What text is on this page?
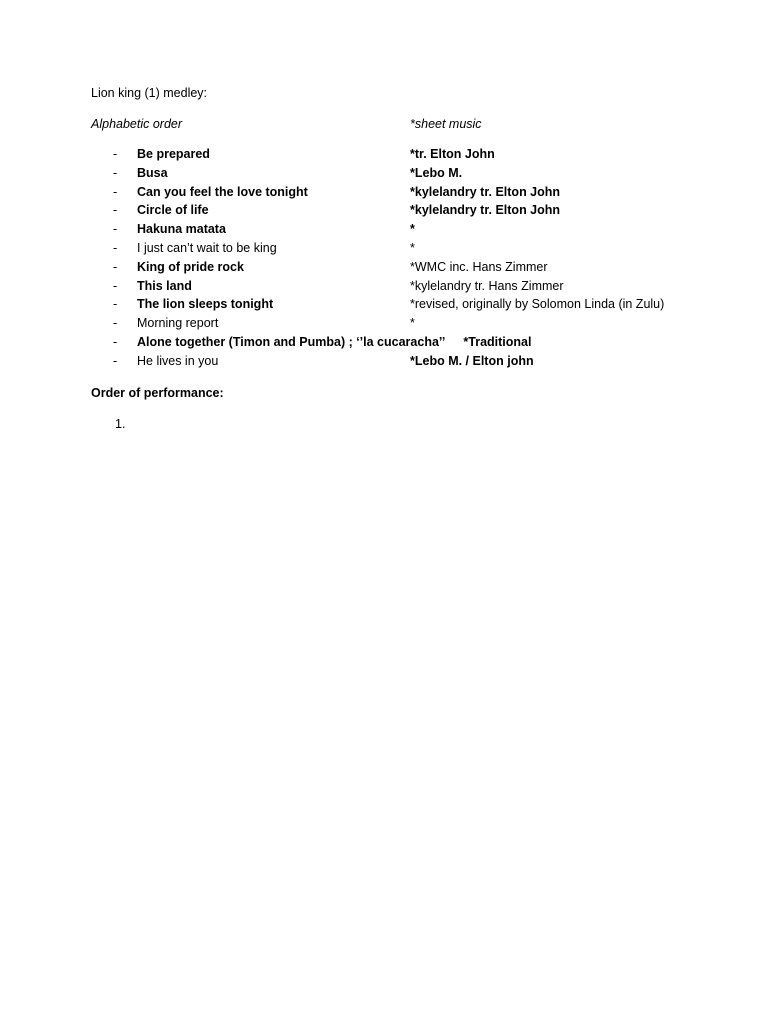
Lion king (1) medley:
Alphabetic order	*sheet music
- Be prepared	*tr. Elton John
- Busa	*Lebo M.
- Can you feel the love tonight	*kylelandry tr. Elton John
- Circle of life	*kylelandry tr. Elton John
- Hakuna matata	*
- I just can’t wait to be king	*
- King of pride rock	*WMC inc. Hans Zimmer
- This land	*kylelandry tr. Hans Zimmer
- The lion sleeps tonight	*revised, originally by Solomon Linda (in Zulu)
- Morning report	*
- Alone together (Timon and Pumba) ; ‘’la cucaracha’’ *Traditional
- He lives in you	*Lebo M. / Elton john
Order of performance:
1.
